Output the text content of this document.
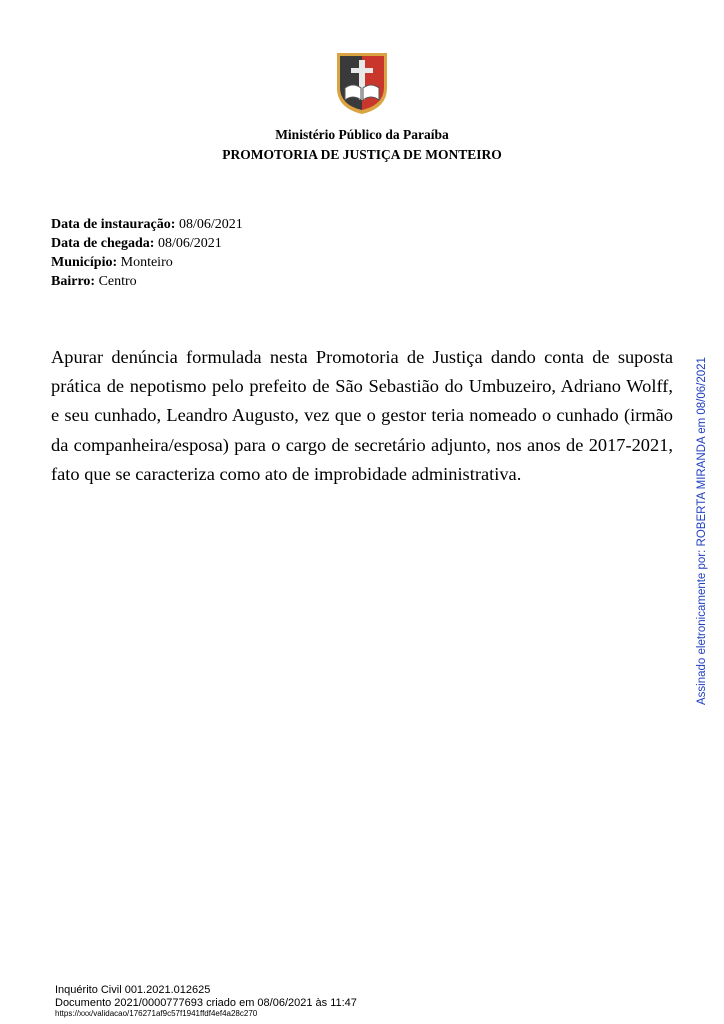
Ministério Público da Paraíba
PROMOTORIA DE JUSTIÇA DE MONTEIRO
Data de instauração: 08/06/2021
Data de chegada: 08/06/2021
Município: Monteiro
Bairro: Centro
Apurar denúncia formulada nesta Promotoria de Justiça dando conta de suposta prática de nepotismo pelo prefeito de São Sebastião do Umbuzeiro, Adriano Wolff, e seu cunhado, Leandro Augusto, vez que o gestor teria nomeado o cunhado (irmão da companheira/esposa) para o cargo de secretário adjunto, nos anos de 2017-2021, fato que se caracteriza como ato de improbidade administrativa.	Assinado eletronicamente por: ROBERTA MIRANDA em 08/06/2021
Inquérito Civil 001.2021.012625
Documento 2021/0000777693 criado em 08/06/2021 às 11:47
https://xxx/validacao/176271af9c57f1941ffdf4ef4a28c270
